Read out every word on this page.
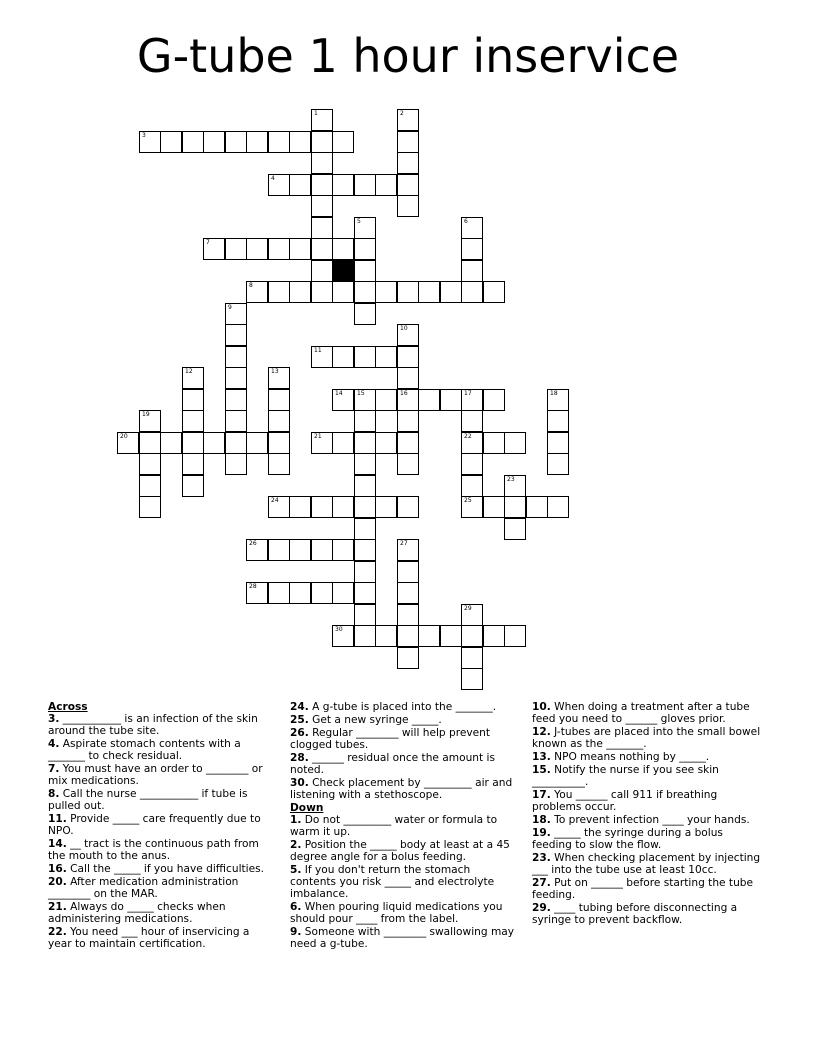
G-tube 1 hour inservice
3
4
7
8
11
14 15	16	17
20	21	22
24	25
26
28
30
1	2
5	6
9
10
12	13
18
19
23
27
29

Across

3. ___________ is an infection of the skin around the tube site.

4. Aspirate stomach contents with a _______ to check residual.

7. You must have an order to ________ or mix medications.

8. Call the nurse ___________ if tube is pulled out.

11. Provide _____ care frequently due to NPO.

14. __ tract is the continuous path from the mouth to the anus.

16. Call the _____ if you have difficulties.

20. After medication administration ________ on the MAR.

21. Always do _____ checks when administering medications.

22. You need ___ hour of inservicing a year to maintain certification.

24. A g-tube is placed into the _______.

25. Get a new syringe _____.

26. Regular ________ will help prevent clogged tubes.

28. ______ residual once the amount is noted.

30. Check placement by _________ air and listening with a stethoscope.

Down

1. Do not _________ water or formula to warm it up.

2. Position the _____ body at least at a 45 degree angle for a bolus feeding.

5. If you don't return the stomach contents you risk _____ and electrolyte imbalance.

6. When pouring liquid medications you should pour ____ from the label.

9. Someone with ________ swallowing may need a g-tube.

10. When doing a treatment after a tube feed you need to ______ gloves prior.

12. J-tubes are placed into the small bowel known as the _______.

13. NPO means nothing by _____.

15. Notify the nurse if you see skin __________.

17. You ______ call 911 if breathing problems occur.

18. To prevent infection ____ your hands.

19. _____ the syringe during a bolus feeding to slow the flow.

23. When checking placement by injecting ___ into the tube use at least 10cc.

27. Put on ______ before starting the tube feeding.

29. ____ tubing before disconnecting a syringe to prevent backflow.
